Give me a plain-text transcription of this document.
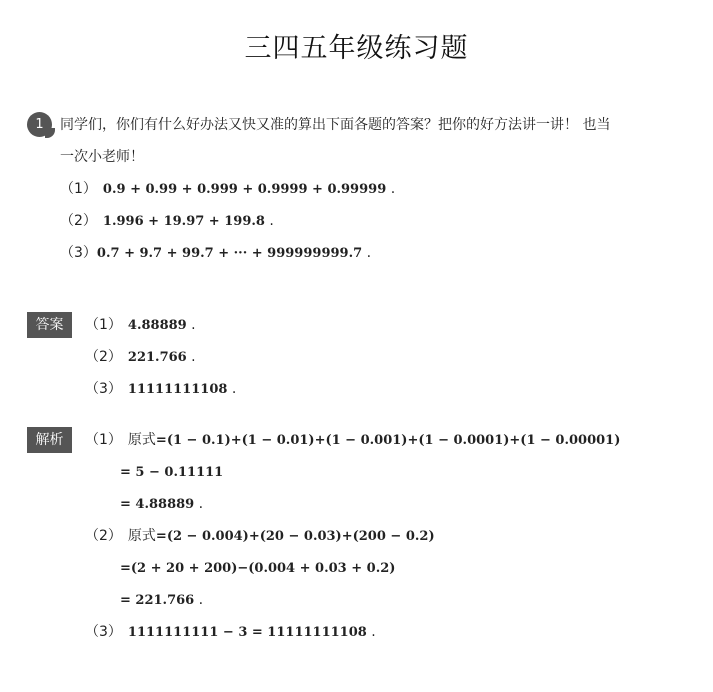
三四五年级练习题
1	同学们，你们有什么好办法又快又准的算出下面各题的答案？把你的好方法讲一讲！ 也当
一次小老师！
（1） 0.9 + 0.99 + 0.999 + 0.9999 + 0.99999 .
（2） 1.996 + 19.97 + 199.8 .
（3）0.7 + 9.7 + 99.7 + ··· + 999999999.7 .
答案	（1） 4.88889 .
（2） 221.766 .
（3） 11111111108 .
解析	（1） 原式=(1 − 0.1)+(1 − 0.01)+(1 − 0.001)+(1 − 0.0001)+(1 − 0.00001)
= 5 − 0.11111
= 4.88889 .
（2） 原式=(2 − 0.004)+(20 − 0.03)+(200 − 0.2)
=(2 + 20 + 200)−(0.004 + 0.03 + 0.2)
= 221.766 .
（3） 1111111111 − 3 = 11111111108 .
